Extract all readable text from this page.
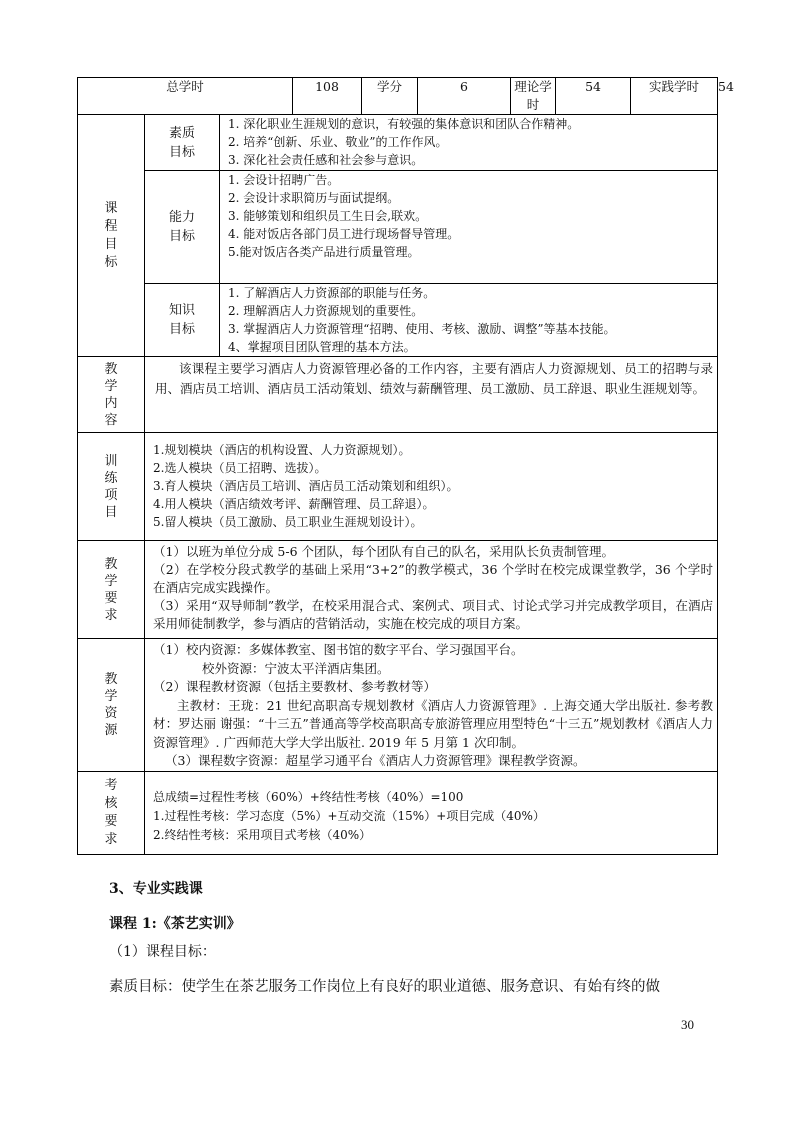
总学时			108	学分	6	理论学时	54	实践学时	54

课程目标	素质目标	1. 深化职业生涯规划的意识，有较强的集体意识和团队合作精神。
2. 培养“创新、乐业、敬业”的工作作风。
3. 深化社会责任感和社会参与意识。							

	能力目标	1. 会设计招聘广告。
2. 会设计求职简历与面试提纲。
3. 能够策划和组织员工生日会,联欢。
4. 能对饭店各部门员工进行现场督导管理。
5.能对饭店各类产品进行质量管理。							

	知识目标	1. 了解酒店人力资源部的职能与任务。
2. 理解酒店人力资源规划的重要性。
3. 掌握酒店人力资源管理“招聘、使用、考核、激励、调整”等基本技能。
4、掌握项目团队管理的基本方法。							

教学内容	该课程主要学习酒店人力资源管理必备的工作内容，主要有酒店人力资源规划、员工的招聘与录用、酒店员工培训、酒店员工活动策划、绩效与薪酬管理、员工激励、员工辞退、职业生涯规划等。								

训练项目	1.规划模块（酒店的机构设置、人力资源规划）。
2.选人模块（员工招聘、选拔）。
3.育人模块（酒店员工培训、酒店员工活动策划和组织）。
4.用人模块（酒店绩效考评、薪酬管理、员工辞退）。
5.留人模块（员工激励、员工职业生涯规划设计）。								

教学要求	（1）以班为单位分成 5-6 个团队，每个团队有自己的队名，采用队长负责制管理。
（2）在学校分段式教学的基础上采用“3+2”的教学模式，36 个学时在校完成课堂教学，36 个学时在酒店完成实践操作。
（3）采用“双导师制”教学，在校采用混合式、案例式、项目式、讨论式学习并完成教学项目，在酒店采用师徒制教学，参与酒店的营销活动，实施在校完成的项目方案。								

教学资源	（1）校内资源：多媒体教室、图书馆的数字平台、学习强国平台。
校外资源：宁波太平洋酒店集团。
（2）课程教材资源（包括主要教材、参考教材等）
主教材：王珑：21 世纪高职高专规划教材《酒店人力资源管理》. 上海交通大学出版社. 参考教材：罗达丽 谢强：“十三五”普通高等学校高职高专旅游管理应用型特色“十三五”规划教材《酒店人力资源管理》. 广西师范大学大学出版社. 2019 年 5 月第 1 次印制。
（3）课程数字资源：超星学习通平台《酒店人力资源管理》课程教学资源。								

考核要求	总成绩=过程性考核（60%）+终结性考核（40%）=100
1.过程性考核：学习态度（5%）+互动交流（15%）+项目完成（40%）
2.终结性考核：采用项目式考核（40%）								
3、专业实践课
课程 1:《茶艺实训》
（1）课程目标：
素质目标：使学生在茶艺服务工作岗位上有良好的职业道德、服务意识、有始有终的做
30
